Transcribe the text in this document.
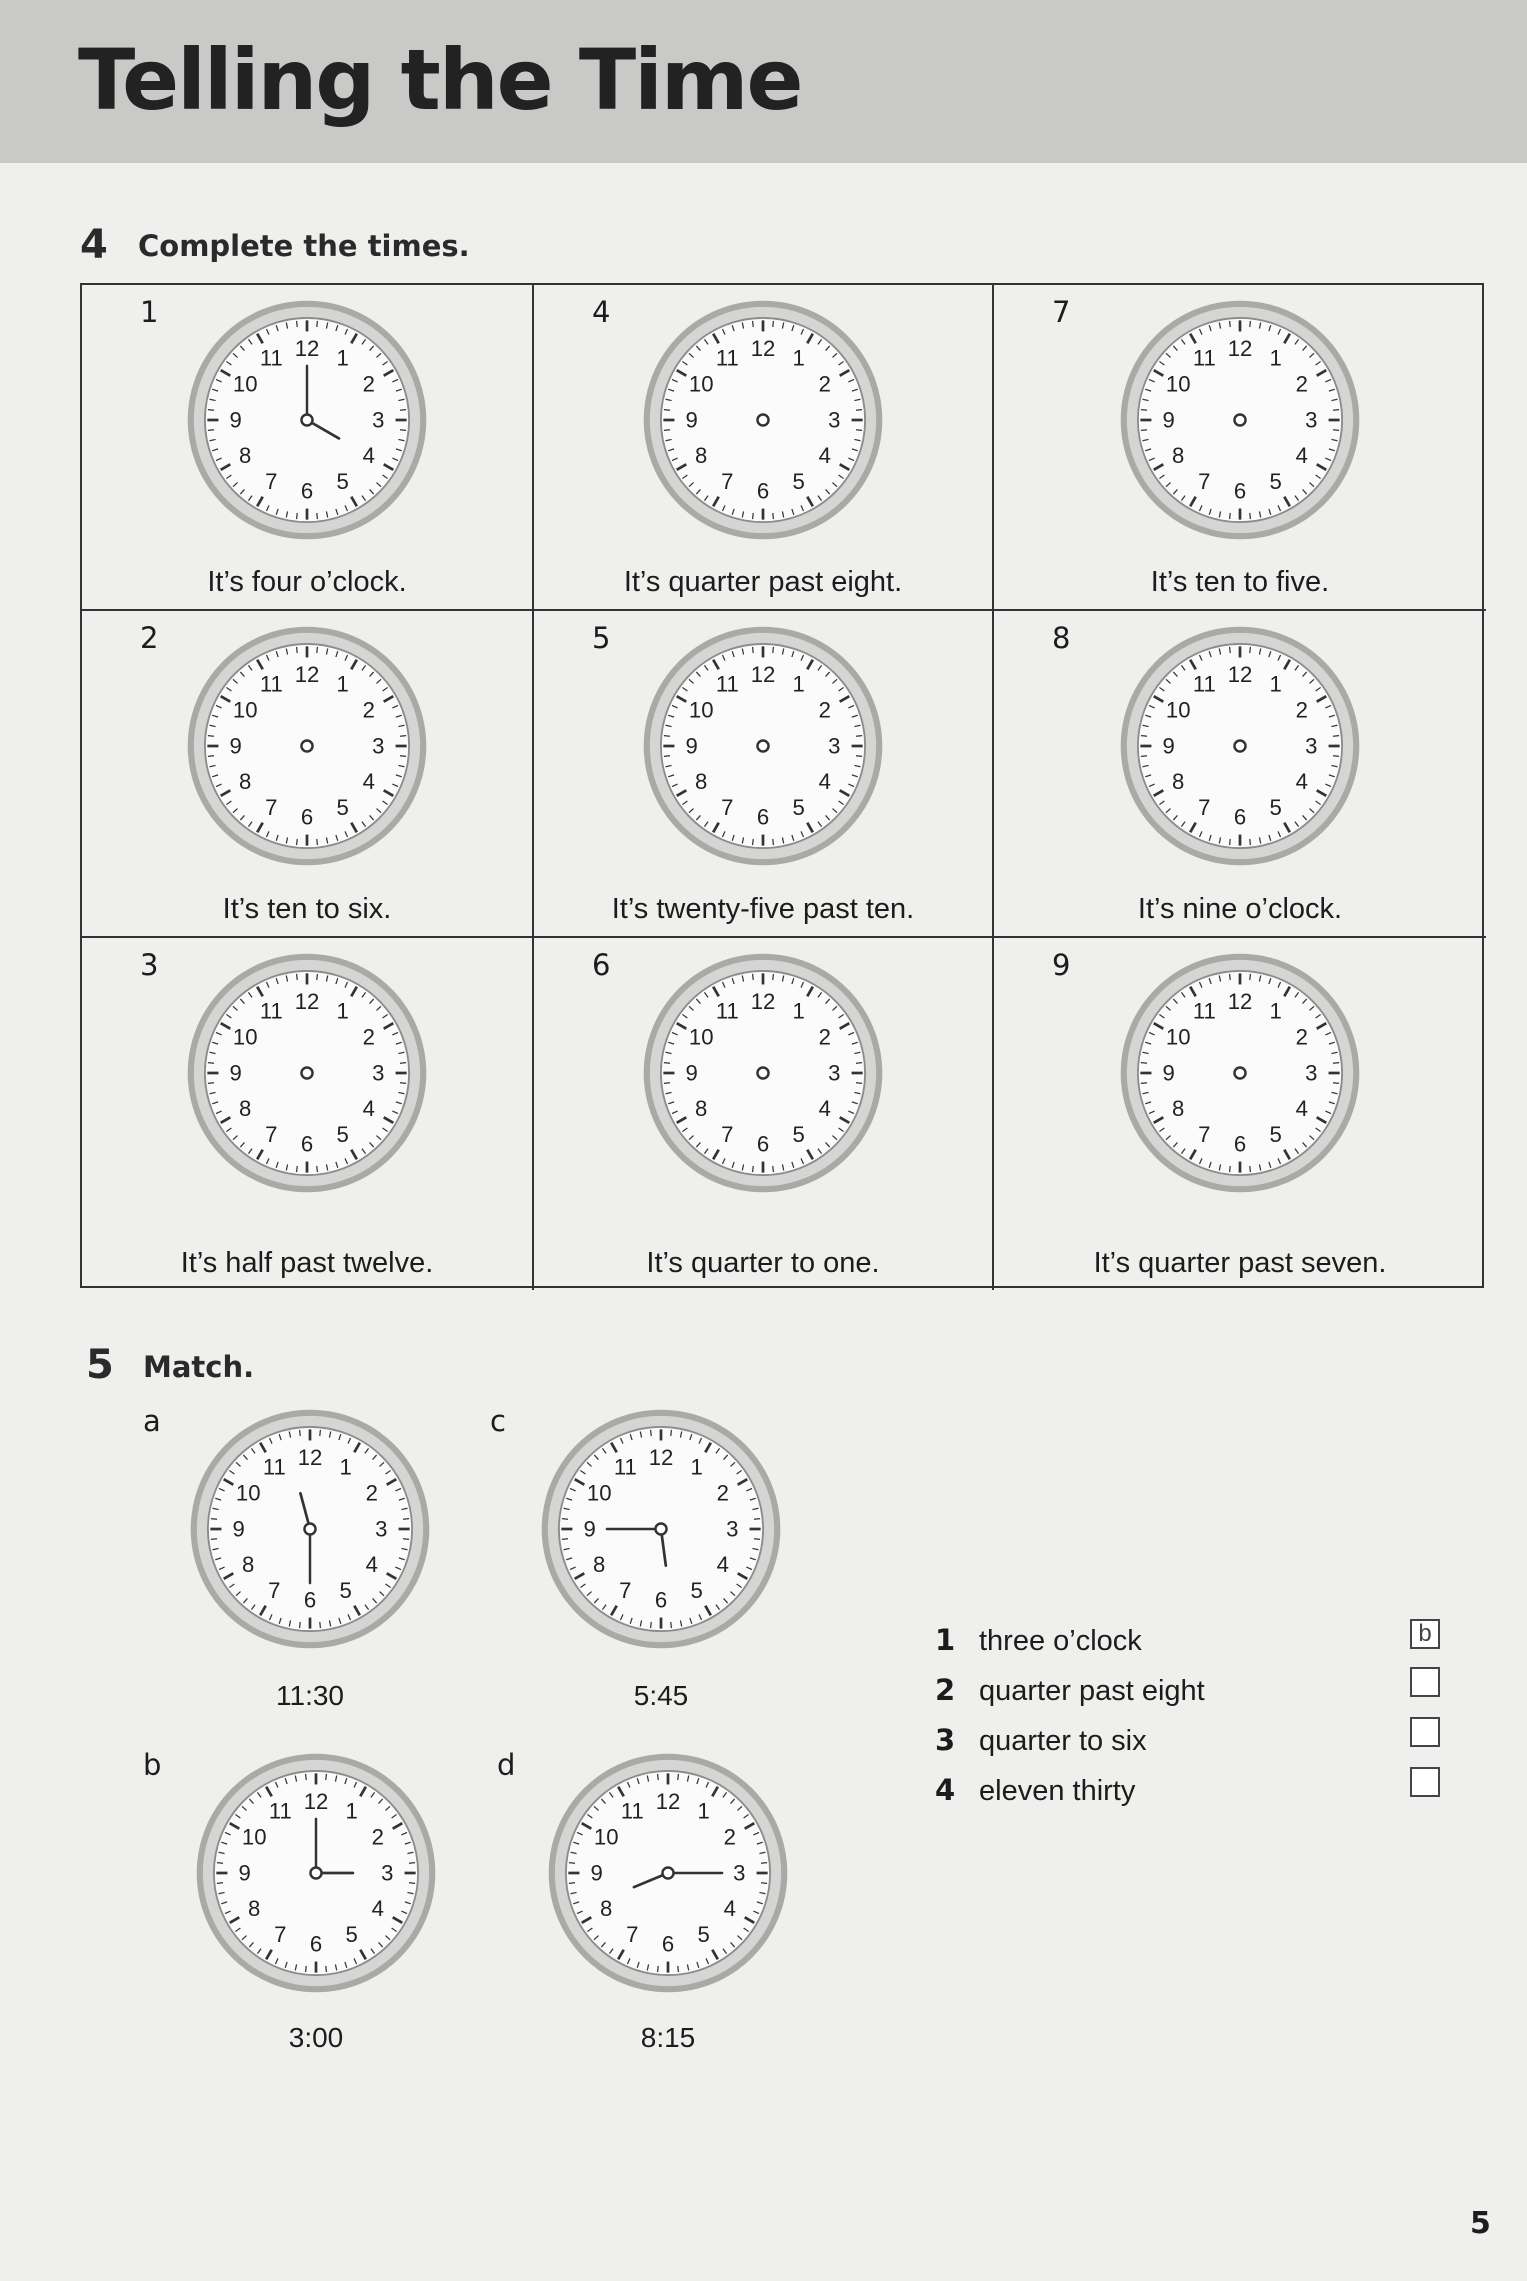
Telling the Time
4 Complete the times.
1
1
2
3
4
5
6
7
8
9
10
11 12
It’s four o’clock.
4
1
2
3
4
5
6
7
8
9
10
11 12
It’s quarter past eight.
7
1
2
3
4
5
6
7
8
9
10
11 12
It’s ten to five.
2
1
2
3
4
5
6
7
8
9
10
11 12
It’s ten to six.
5
1
2
3
4
5
6
7
8
9
10
11 12
It’s twenty-five past ten.
8
1
2
3
4
5
6
7
8
9
10
11 12
It’s nine o’clock.
3
1
2
3
4
5
6
7
8
9
10
11 12
It’s half past twelve.
6
1
2
3
4
5
6
7
8
9
10
11 12
It’s quarter to one.
9
1
2
3
4
5
6
7
8
9
10
11 12
It’s quarter past seven.
5 Match.
a
1
2
3
4
5
6
7
8
9
10
11 12
11:30
c
1
2
3
4
5
6
7
8
9
10
11 12
5:45
b
1
2
3
4
5
6
7
8
9
10
11 12
3:00
d
1
2
3
4
5
6
7
8
9
10
11 12
8:15
1 three o’clock
2 quarter past eight
3 quarter to six
4 eleven thirty
b
5
